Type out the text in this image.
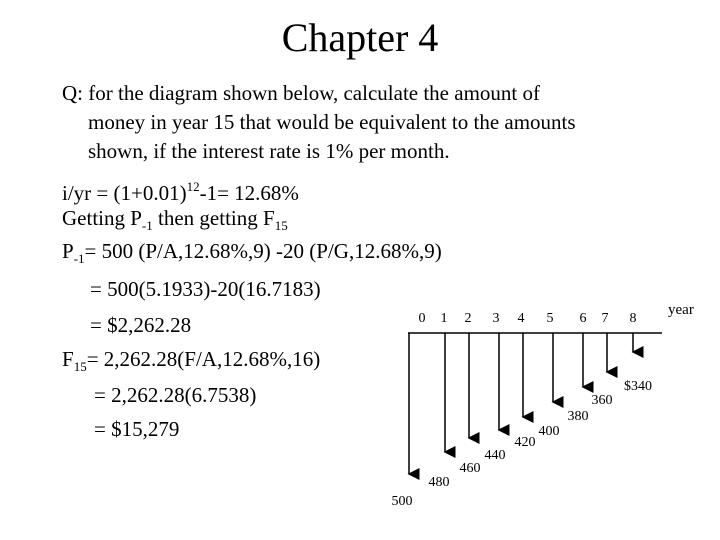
Chapter 4
Q: for the diagram shown below, calculate the amount of
money in year 15 that would be equivalent to the amounts
shown, if the interest rate is 1% per month.
$i/yr = (1+0.01)^{12}-1= 12.68\%$
Getting $P_{-1}$ then getting $F_{15}$
$P_{-1}= 500$ (P/A,12.68%,9) -20 (P/G,12.68%,9)
= 500(5.1933)-20(16.7183)
= $2,262.28
$F_{15}= 2,262.28(F/A,12.68\%,16)$
= 2,262.28(6.7538)
= $15,279
year
0 1 2 3 4 5 6 7 8
500
480
460
440
420
400
380
360
$340
